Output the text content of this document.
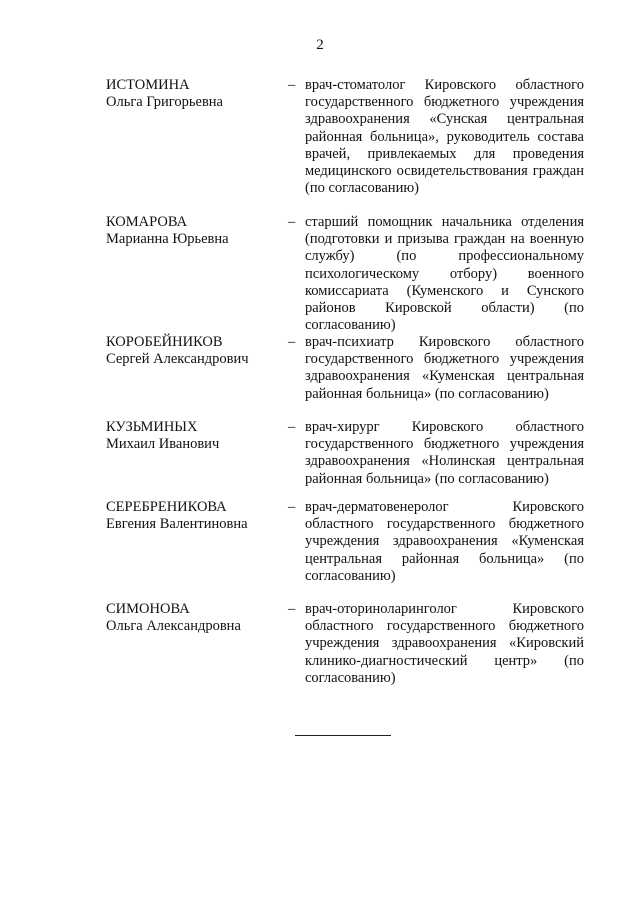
2
ИСТОМИНА
Ольга Григорьевна
– врач-стоматолог Кировского областного государственного бюджетного учреждения здравоохранения «Сунская центральная районная больница», руководитель состава врачей, привлекаемых для проведения медицинского освидетельствования граждан (по согласованию)
КОМАРОВА
Марианна Юрьевна
– старший помощник начальника отделения (подготовки и призыва граждан на военную службу) (по профессиональному психологическому отбору) военного комиссариата (Куменского и Сунского районов Кировской области) (по согласованию)
КОРОБЕЙНИКОВ
Сергей Александрович
– врач-психиатр Кировского областного государственного бюджетного учреждения здравоохранения «Куменская центральная районная больница» (по согласованию)
КУЗЬМИНЫХ
Михаил Иванович
– врач-хирург Кировского областного государственного бюджетного учреждения здравоохранения «Нолинская центральная районная больница» (по согласованию)
СЕРЕБРЕНИКОВА
Евгения Валентиновна
– врач-дерматовенеролог Кировского областного государственного бюджетного учреждения здравоохранения «Куменская центральная районная больница» (по согласованию)
СИМОНОВА
Ольга Александровна
– врач-оториноларинголог Кировского областного государственного бюджетного учреждения здравоохранения «Кировский клинико-диагностический центр» (по согласованию)
